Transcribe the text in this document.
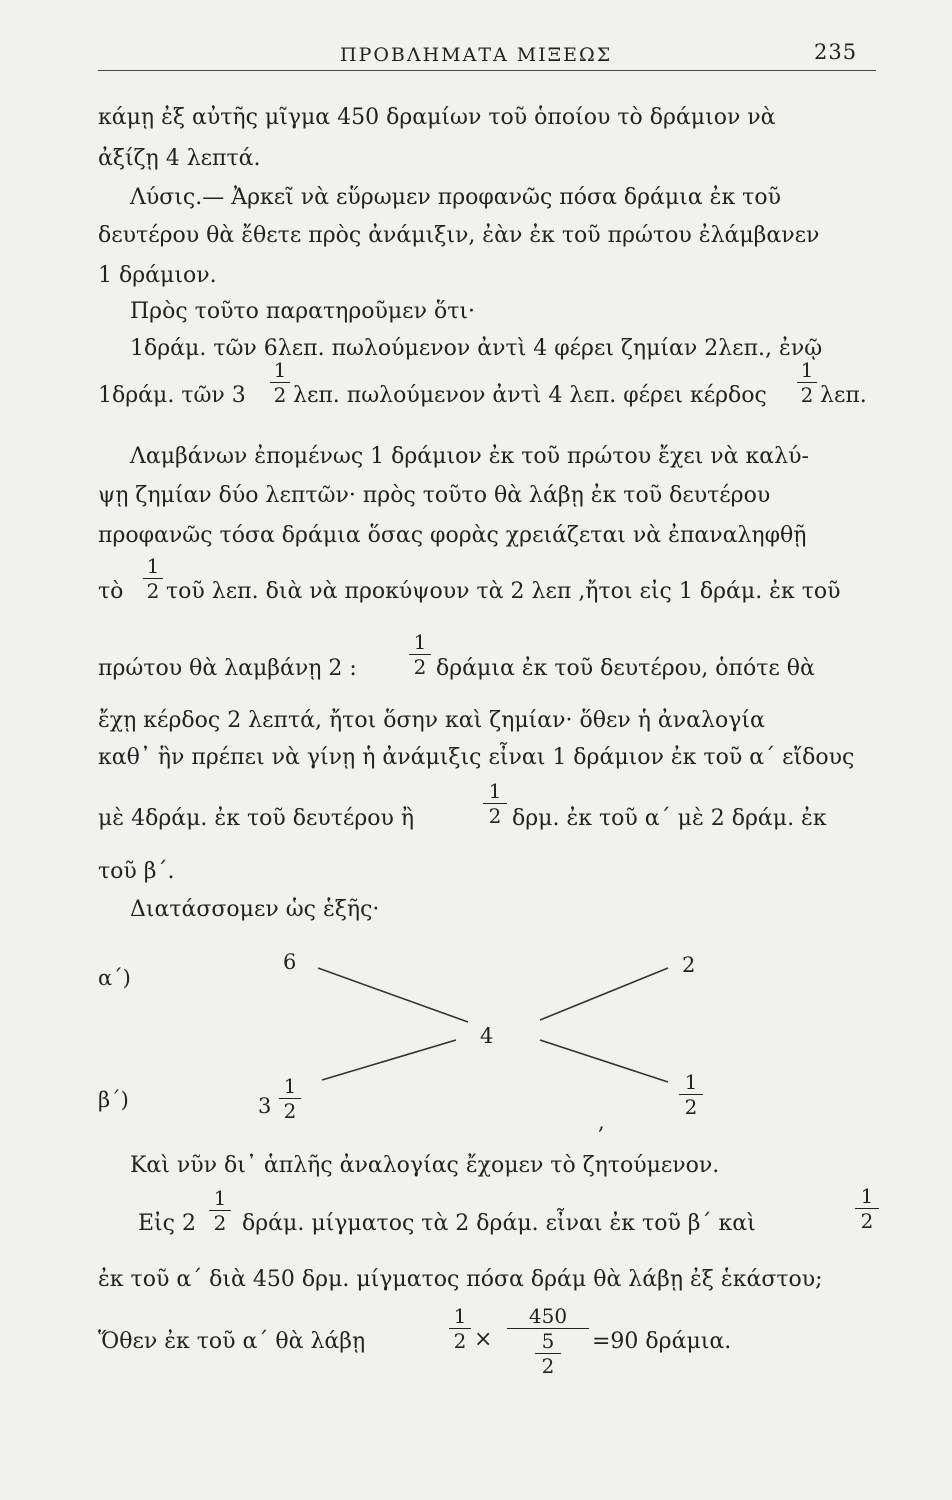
ΠΡΟΒΛΗΜΑΤΑ ΜΙΞΕΩΣ	235
κάμῃ ἐξ αὐτῆς μῖγμα 450 δραμίων τοῦ ὁποίου τὸ δράμιον νὰ
ἀξίζῃ 4 λεπτά.
Λύσις.— Ἀρκεῖ νὰ εὕρωμεν προφανῶς πόσα δράμια ἐκ τοῦ
δευτέρου θὰ ἔθετε πρὸς ἀνάμιξιν, ἐὰν ἐκ τοῦ πρώτου ἐλάμβανεν
1 δράμιον.
Πρὸς τοῦτο παρατηροῦμεν ὅτι·
1δράμ. τῶν 6λεπ. πωλούμενον ἀντὶ 4 φέρει ζημίαν 2λεπ., ἐνῷ
1δράμ. τῶν 3
1
2 λεπ. πωλούμενον ἀντὶ 4 λεπ. φέρει κέρδος
1
2 λεπ.
Λαμβάνων ἐπομένως 1 δράμιον ἐκ τοῦ πρώτου ἔχει νὰ καλύ-
ψῃ ζημίαν δύο λεπτῶν· πρὸς τοῦτο θὰ λάβῃ ἐκ τοῦ δευτέρου
προφανῶς τόσα δράμια ὅσας φορὰς χρειάζεται νὰ ἐπαναληφθῇ
τὸ
1
2 τοῦ λεπ. διὰ νὰ προκύψουν τὰ 2 λεπ ,ἤτοι εἰς 1 δράμ. ἐκ τοῦ
πρώτου θὰ λαμβάνῃ 2 :
1
2 δράμια ἐκ τοῦ δευτέρου, ὁπότε θὰ
ἔχῃ κέρδος 2 λεπτά, ἤτοι ὅσην καὶ ζημίαν· ὅθεν ἡ ἀναλογία
καθ᾽ ἣν πρέπει νὰ γίνῃ ἡ ἀνάμιξις εἶναι 1 δράμιον ἐκ τοῦ α΄ εἴδους
μὲ 4δράμ. ἐκ τοῦ δευτέρου ἢ
1
2 δρμ. ἐκ τοῦ α΄ μὲ 2 δράμ. ἐκ
τοῦ β΄.
Διατάσσομεν ὡς ἑξῆς·
α΄)
β΄)
6	2
4
3
1
2	,
1
2
Καὶ νῦν δι᾽ ἁπλῆς ἀναλογίας ἔχομεν τὸ ζητούμενον.
Εἰς 2
1
2 δράμ. μίγματος τὰ 2 δράμ. εἶναι ἐκ τοῦ β΄ καὶ
1
2
ἐκ τοῦ α΄ διὰ 450 δρμ. μίγματος πόσα δράμ θὰ λάβῃ ἐξ ἑκάστου;
Ὅθεν ἐκ τοῦ α΄ θὰ λάβῃ
1
2 ×
450
5
2
=90 δράμια.
